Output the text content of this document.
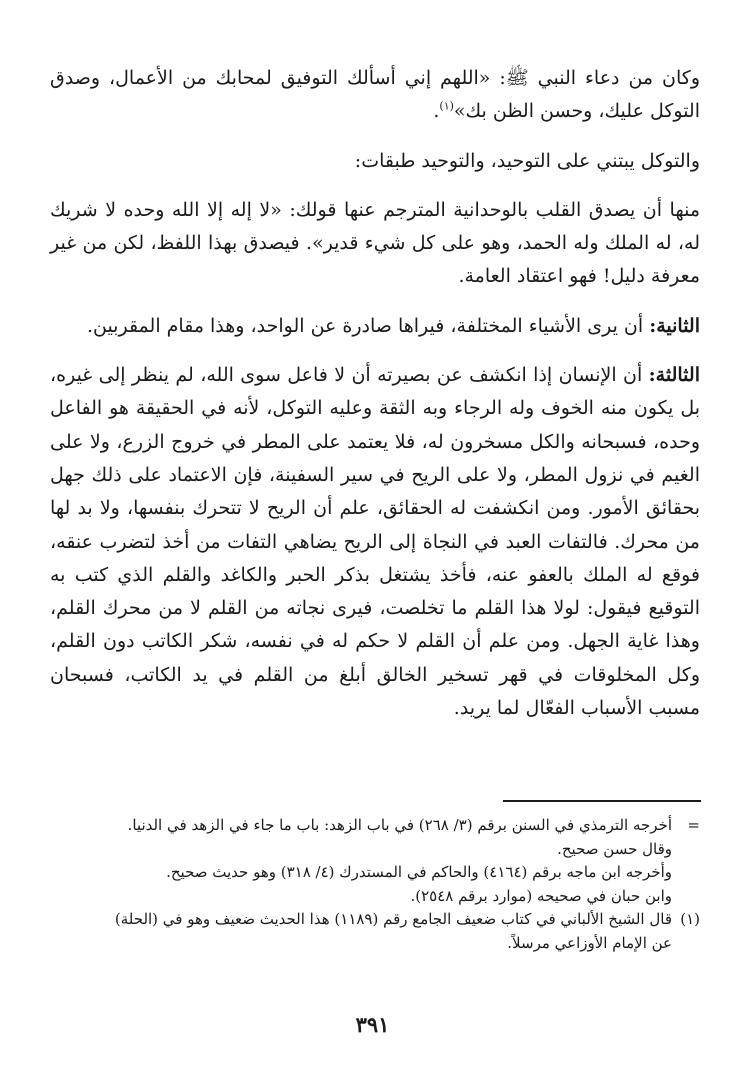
وكان من دعاء النبي ﷺ: «اللهم إني أسألك التوفيق لمحابك من الأعمال، وصدق التوكل عليك، وحسن الظن بك»$^{(١)}$.

والتوكل يبتني على التوحيد، والتوحيد طبقات:

منها أن يصدق القلب بالوحدانية المترجم عنها قولك: «لا إله إلا الله وحده لا شريك له، له الملك وله الحمد، وهو على كل شيء قدير». فيصدق بهذا اللفظ، لكن من غير معرفة دليل! فهو اعتقاد العامة.

الثانية: أن يرى الأشياء المختلفة، فيراها صادرة عن الواحد، وهذا مقام المقربين.

الثالثة: أن الإنسان إذا انكشف عن بصيرته أن لا فاعل سوى الله، لم ينظر إلى غيره، بل يكون منه الخوف وله الرجاء وبه الثقة وعليه التوكل، لأنه في الحقيقة هو الفاعل وحده، فسبحانه والكل مسخرون له، فلا يعتمد على المطر في خروج الزرع، ولا على الغيم في نزول المطر، ولا على الريح في سير السفينة، فإن الاعتماد على ذلك جهل بحقائق الأمور. ومن انكشفت له الحقائق، علم أن الريح لا تتحرك بنفسها، ولا بد لها من محرك. فالتفات العبد في النجاة إلى الريح يضاهي التفات من أخذ لتضرب عنقه، فوقع له الملك بالعفو عنه، فأخذ يشتغل بذكر الحبر والكاغد والقلم الذي كتب به التوقيع فيقول: لولا هذا القلم ما تخلصت، فيرى نجاته من القلم لا من محرك القلم، وهذا غاية الجهل. ومن علم أن القلم لا حكم له في نفسه، شكر الكاتب دون القلم، وكل المخلوقات في قهر تسخير الخالق أبلغ من القلم في يد الكاتب، فسبحان مسبب الأسباب الفعّال لما يريد.

=
أخرجه الترمذي في السنن برقم (٣/ ٢٦٨) في باب الزهد: باب ما جاء في الزهد في الدنيا.
وقال حسن صحيح.
وأخرجه ابن ماجه برقم (٤١٦٤) والحاكم في المستدرك (٤/ ٣١٨) وهو حديث صحيح.
وابن حبان في صحيحه (موارد برقم ٢٥٤٨).
(١)
قال الشيخ الألباني في كتاب ضعيف الجامع رقم (١١٨٩) هذا الحديث ضعيف وهو في (الحلة)
عن الإمام الأوزاعي مرسلاً.
٣٩١
